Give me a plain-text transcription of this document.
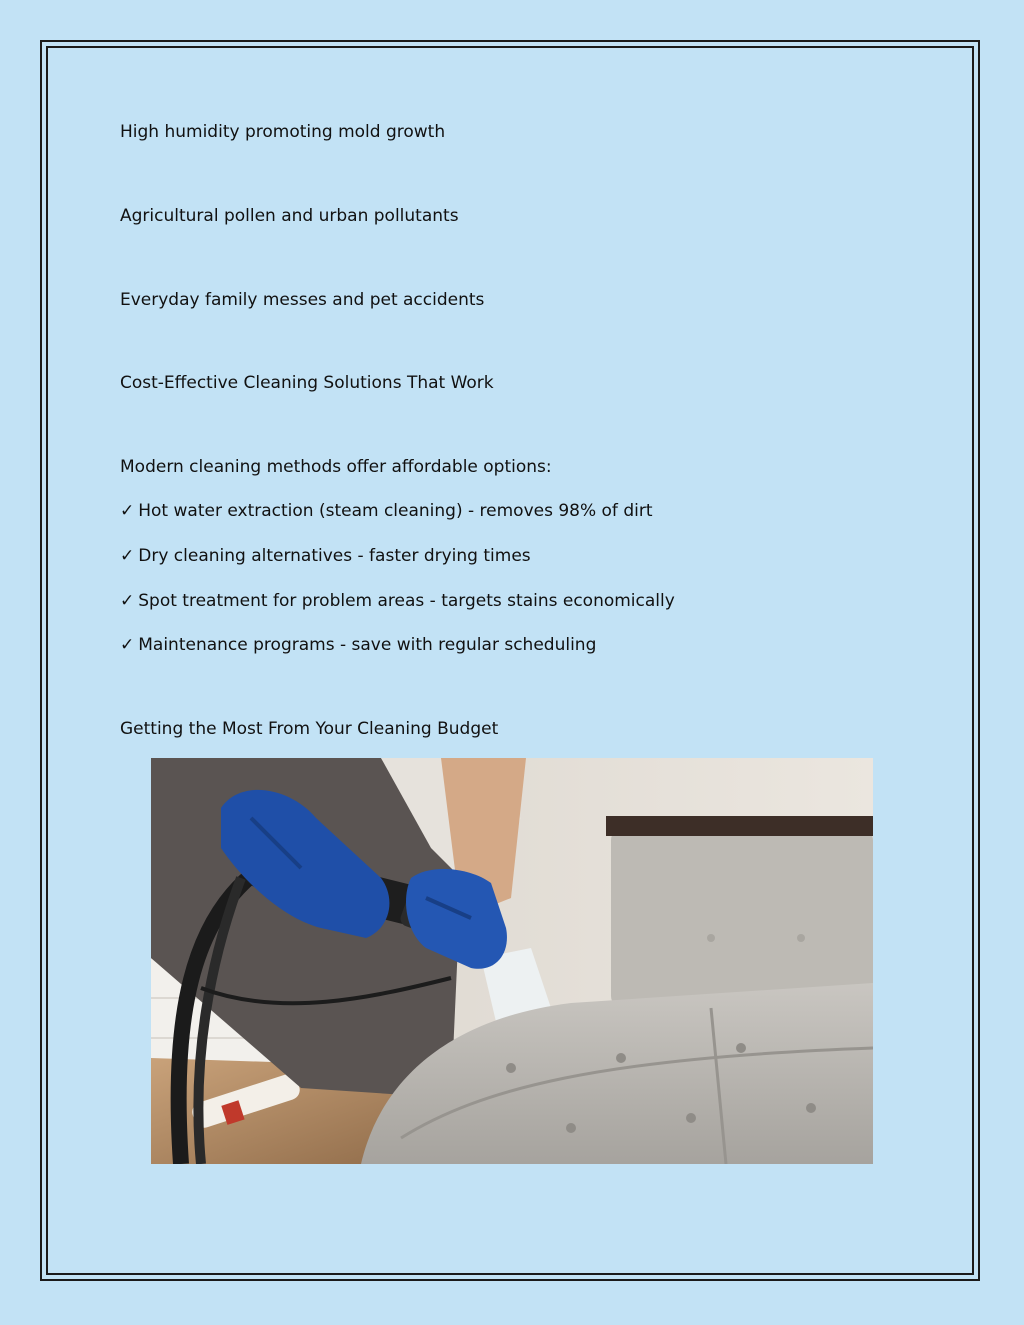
High humidity promoting mold growth

Agricultural pollen and urban pollutants

Everyday family messes and pet accidents

Cost-Effective Cleaning Solutions That Work

Modern cleaning methods offer affordable options:

✓ Hot water extraction (steam cleaning) - removes 98% of dirt

✓ Dry cleaning alternatives - faster drying times

✓ Spot treatment for problem areas - targets stains economically

✓ Maintenance programs - save with regular scheduling

Getting the Most From Your Cleaning Budget
